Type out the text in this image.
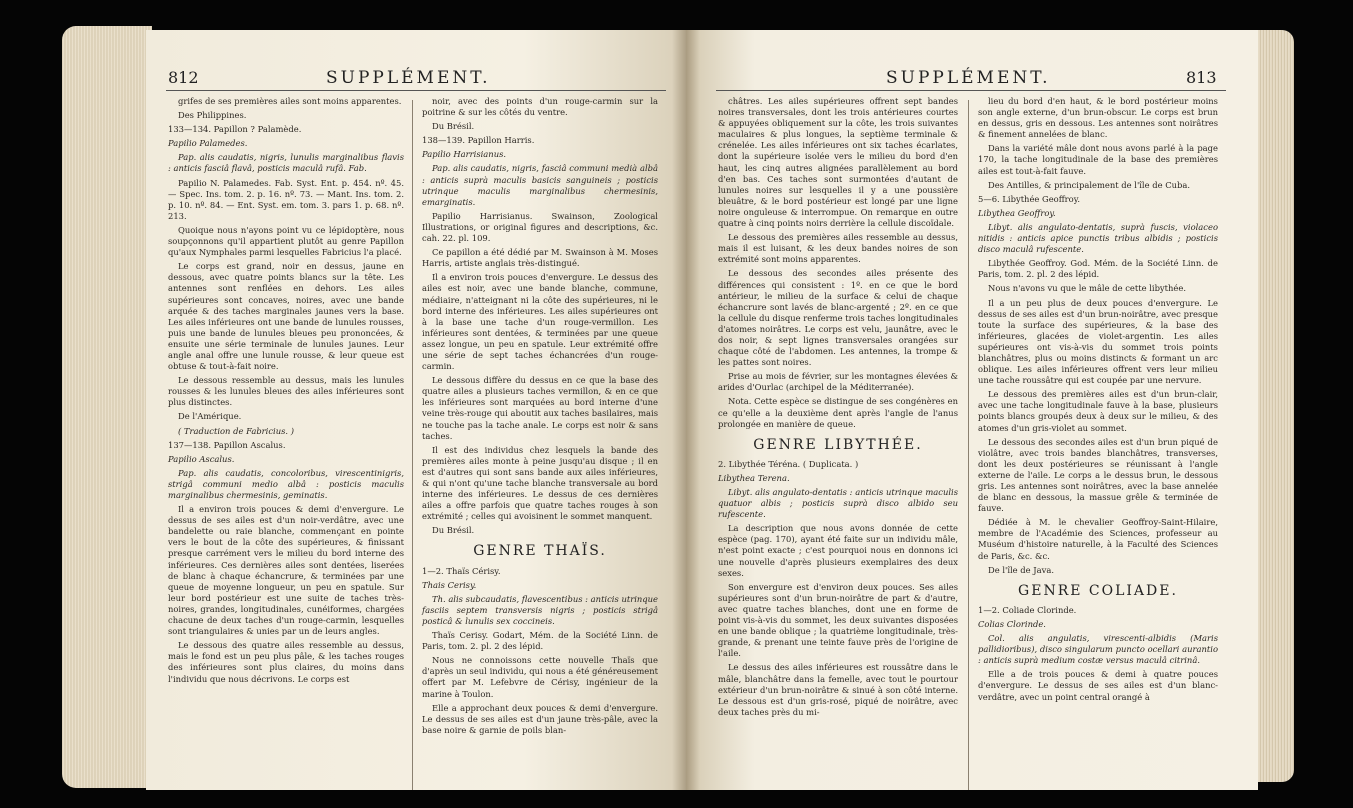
812	SUPPLÉMENT.

grifes de ses premières ailes sont moins apparentes.

Des Philippines.

133—134. Papillon ? Palamède.

Papilio Palamedes.

Pap. alis caudatis, nigris, lunulis marginalibus flavis : anticis fasciâ flavâ, posticis maculâ rufâ. Fab.

Papilio N. Palamedes. Fab. Syst. Ent. p. 454. nº. 45. — Spec. Ins. tom. 2. p. 16. nº. 73. — Mant. Ins. tom. 2. p. 10. nº. 84. — Ent. Syst. em. tom. 3. pars 1. p. 68. nº. 213.

Quoique nous n'ayons point vu ce lépidoptère, nous soupçonnons qu'il appartient plutôt au genre Papillon qu'aux Nymphales parmi lesquelles Fabricius l'a placé.

Le corps est grand, noir en dessus, jaune en dessous, avec quatre points blancs sur la tête. Les antennes sont renflées en dehors. Les ailes supérieures sont concaves, noires, avec une bande arquée & des taches marginales jaunes vers la base. Les ailes inférieures ont une bande de lunules rousses, puis une bande de lunules bleues peu prononcées, & ensuite une série terminale de lunules jaunes. Leur angle anal offre une lunule rousse, & leur queue est obtuse & tout-à-fait noire.

Le dessous ressemble au dessus, mais les lunules rousses & les lunules bleues des ailes inférieures sont plus distinctes.

De l'Amérique.

( Traduction de Fabricius. )

137—138. Papillon Ascalus.

Papilio Ascalus.

Pap. alis caudatis, concoloribus, virescentinigris, strigâ communi medio albâ : posticis maculis marginalibus chermesinis, geminatis.

Il a environ trois pouces & demi d'envergure. Le dessus de ses ailes est d'un noir-verdâtre, avec une bandelette ou raie blanche, commençant en pointe vers le bout de la côte des supérieures, & finissant presque carrément vers le milieu du bord interne des inférieures. Ces dernières ailes sont dentées, liserées de blanc à chaque échancrure, & terminées par une queue de moyenne longueur, un peu en spatule. Sur leur bord postérieur est une suite de taches très-noires, grandes, longitudinales, cunéiformes, chargées chacune de deux taches d'un rouge-carmin, lesquelles sont triangulaires & unies par un de leurs angles.

Le dessous des quatre ailes ressemble au dessus, mais le fond est un peu plus pâle, & les taches rouges des inférieures sont plus claires, du moins dans l'individu que nous décrivons. Le corps est

noir, avec des points d'un rouge-carmin sur la poitrine & sur les côtés du ventre.

Du Brésil.

138—139. Papillon Harris.

Papilio Harrisianus.

Pap. alis caudatis, nigris, fasciâ communi medià albâ : anticis suprà maculis basicis sanguineis ; posticis utrinque maculis marginalibus chermesinis, emarginatis.

Papilio Harrisianus. Swainson, Zoological Illustrations, or original figures and descriptions, &c. cah. 22. pl. 109.

Ce papillon a été dédié par M. Swainson à M. Moses Harris, artiste anglais très-distingué.

Il a environ trois pouces d'envergure. Le dessus des ailes est noir, avec une bande blanche, commune, médiaire, n'atteignant ni la côte des supérieures, ni le bord interne des inférieures. Les ailes supérieures ont à la base une tache d'un rouge-vermillon. Les inférieures sont dentées, & terminées par une queue assez longue, un peu en spatule. Leur extrémité offre une série de sept taches échancrées d'un rouge-carmin.

Le dessous diffère du dessus en ce que la base des quatre ailes a plusieurs taches vermillon, & en ce que les inférieures sont marquées au bord interne d'une veine très-rouge qui aboutit aux taches basilaires, mais ne touche pas la tache anale. Le corps est noir & sans taches.

Il est des individus chez lesquels la bande des premières ailes monte à peine jusqu'au disque ; il en est d'autres qui sont sans bande aux ailes inférieures, & qui n'ont qu'une tache blanche transversale au bord interne des inférieures. Le dessus de ces dernières ailes a offre parfois que quatre taches rouges à son extrémité ; celles qui avoisinent le sommet manquent.

Du Brésil.

GENRE THAÏS.

1—2. Thaïs Cérisy.

Thais Cerisy.

Th. alis subcaudatis, flavescentibus : anticis utrinque fasciis septem transversis nigris ; posticis strigâ posticâ & lunulis sex coccineis.

Thaïs Cerisy. Godart, Mém. de la Société Linn. de Paris, tom. 2. pl. 2 des lépid.

Nous ne connoissons cette nouvelle Thaïs que d'après un seul individu, qui nous a été généreusement offert par M. Lefebvre de Cérisy, ingénieur de la marine à Toulon.

Elle a approchant deux pouces & demi d'envergure. Le dessus de ses ailes est d'un jaune très-pâle, avec la base noire & garnie de poils blan-

SUPPLÉMENT.	813

châtres. Les ailes supérieures offrent sept bandes noires transversales, dont les trois antérieures courtes & appuyées obliquement sur la côte, les trois suivantes maculaires & plus longues, la septième terminale & crénelée. Les ailes inférieures ont six taches écarlates, dont la supérieure isolée vers le milieu du bord d'en haut, les cinq autres alignées parallèlement au bord d'en bas. Ces taches sont surmontées d'autant de lunules noires sur lesquelles il y a une poussière bleuâtre, & le bord postérieur est longé par une ligne noire onguleuse & interrompue. On remarque en outre quatre à cinq points noirs derrière la cellule discoïdale.

Le dessous des premières ailes ressemble au dessus, mais il est luisant, & les deux bandes noires de son extrémité sont moins apparentes.

Le dessous des secondes ailes présente des différences qui consistent : 1º. en ce que le bord antérieur, le milieu de la surface & celui de chaque échancrure sont lavés de blanc-argenté ; 2º. en ce que la cellule du disque renferme trois taches longitudinales d'atomes noirâtres. Le corps est velu, jaunâtre, avec le dos noir, & sept lignes transversales orangées sur chaque côté de l'abdomen. Les antennes, la trompe & les pattes sont noires.

Prise au mois de février, sur les montagnes élevées & arides d'Ourlac (archipel de la Méditerranée).

Nota. Cette espèce se distingue de ses congénères en ce qu'elle a la deuxième dent après l'angle de l'anus prolongée en manière de queue.

GENRE LIBYTHÉE.

2. Libythée Téréna. ( Duplicata. )

Libythea Terena.

Libyt. alis angulato-dentatis : anticis utrinque maculis quatuor albis ; posticis suprà disco albido seu rufescente.

La description que nous avons donnée de cette espèce (pag. 170), ayant été faite sur un individu mâle, n'est point exacte ; c'est pourquoi nous en donnons ici une nouvelle d'après plusieurs exemplaires des deux sexes.

Son envergure est d'environ deux pouces. Ses ailes supérieures sont d'un brun-noirâtre de part & d'autre, avec quatre taches blanches, dont une en forme de point vis-à-vis du sommet, les deux suivantes disposées en une bande oblique ; la quatrième longitudinale, très-grande, & prenant une teinte fauve près de l'origine de l'aile.

Le dessus des ailes inférieures est roussâtre dans le mâle, blanchâtre dans la femelle, avec tout le pourtour extérieur d'un brun-noirâtre & sinué à son côté interne. Le dessous est d'un gris-rosé, piqué de noirâtre, avec deux taches près du mi-

lieu du bord d'en haut, & le bord postérieur moins son angle externe, d'un brun-obscur. Le corps est brun en dessus, gris en dessous. Les antennes sont noirâtres & finement annelées de blanc.

Dans la variété mâle dont nous avons parlé à la page 170, la tache longitudinale de la base des premières ailes est tout-à-fait fauve.

Des Antilles, & principalement de l'île de Cuba.

5—6. Libythée Geoffroy.

Libythea Geoffroy.

Libyt. alis angulato-dentatis, suprà fuscis, violaceo nitidis : anticis apice punctis tribus albidis ; posticis disco maculâ rufescente.

Libythée Geoffroy. God. Mém. de la Société Linn. de Paris, tom. 2. pl. 2 des lépid.

Nous n'avons vu que le mâle de cette libythée.

Il a un peu plus de deux pouces d'envergure. Le dessus de ses ailes est d'un brun-noirâtre, avec presque toute la surface des supérieures, & la base des inférieures, glacées de violet-argentin. Les ailes supérieures ont vis-à-vis du sommet trois points blanchâtres, plus ou moins distincts & formant un arc oblique. Les ailes inférieures offrent vers leur milieu une tache roussâtre qui est coupée par une nervure.

Le dessous des premières ailes est d'un brun-clair, avec une tache longitudinale fauve à la base, plusieurs points blancs groupés deux à deux sur le milieu, & des atomes d'un gris-violet au sommet.

Le dessous des secondes ailes est d'un brun piqué de violâtre, avec trois bandes blanchâtres, transverses, dont les deux postérieures se réunissant à l'angle externe de l'aile. Le corps a le dessus brun, le dessous gris. Les antennes sont noirâtres, avec la base annelée de blanc en dessous, la massue grêle & terminée de fauve.

Dédiée à M. le chevalier Geoffroy-Saint-Hilaire, membre de l'Académie des Sciences, professeur au Muséum d'histoire naturelle, à la Faculté des Sciences de Paris, &c. &c.

De l'île de Java.

GENRE COLIADE.

1—2. Coliade Clorinde.

Colias Clorinde.

Col. alis angulatis, virescenti-albidis (Maris pallidioribus), disco singularum puncto ocellari aurantio : anticis suprà medium costæ versus maculâ citrinâ.

Elle a de trois pouces & demi à quatre pouces d'envergure. Le dessus de ses ailes est d'un blanc-verdâtre, avec un point central orangé à
